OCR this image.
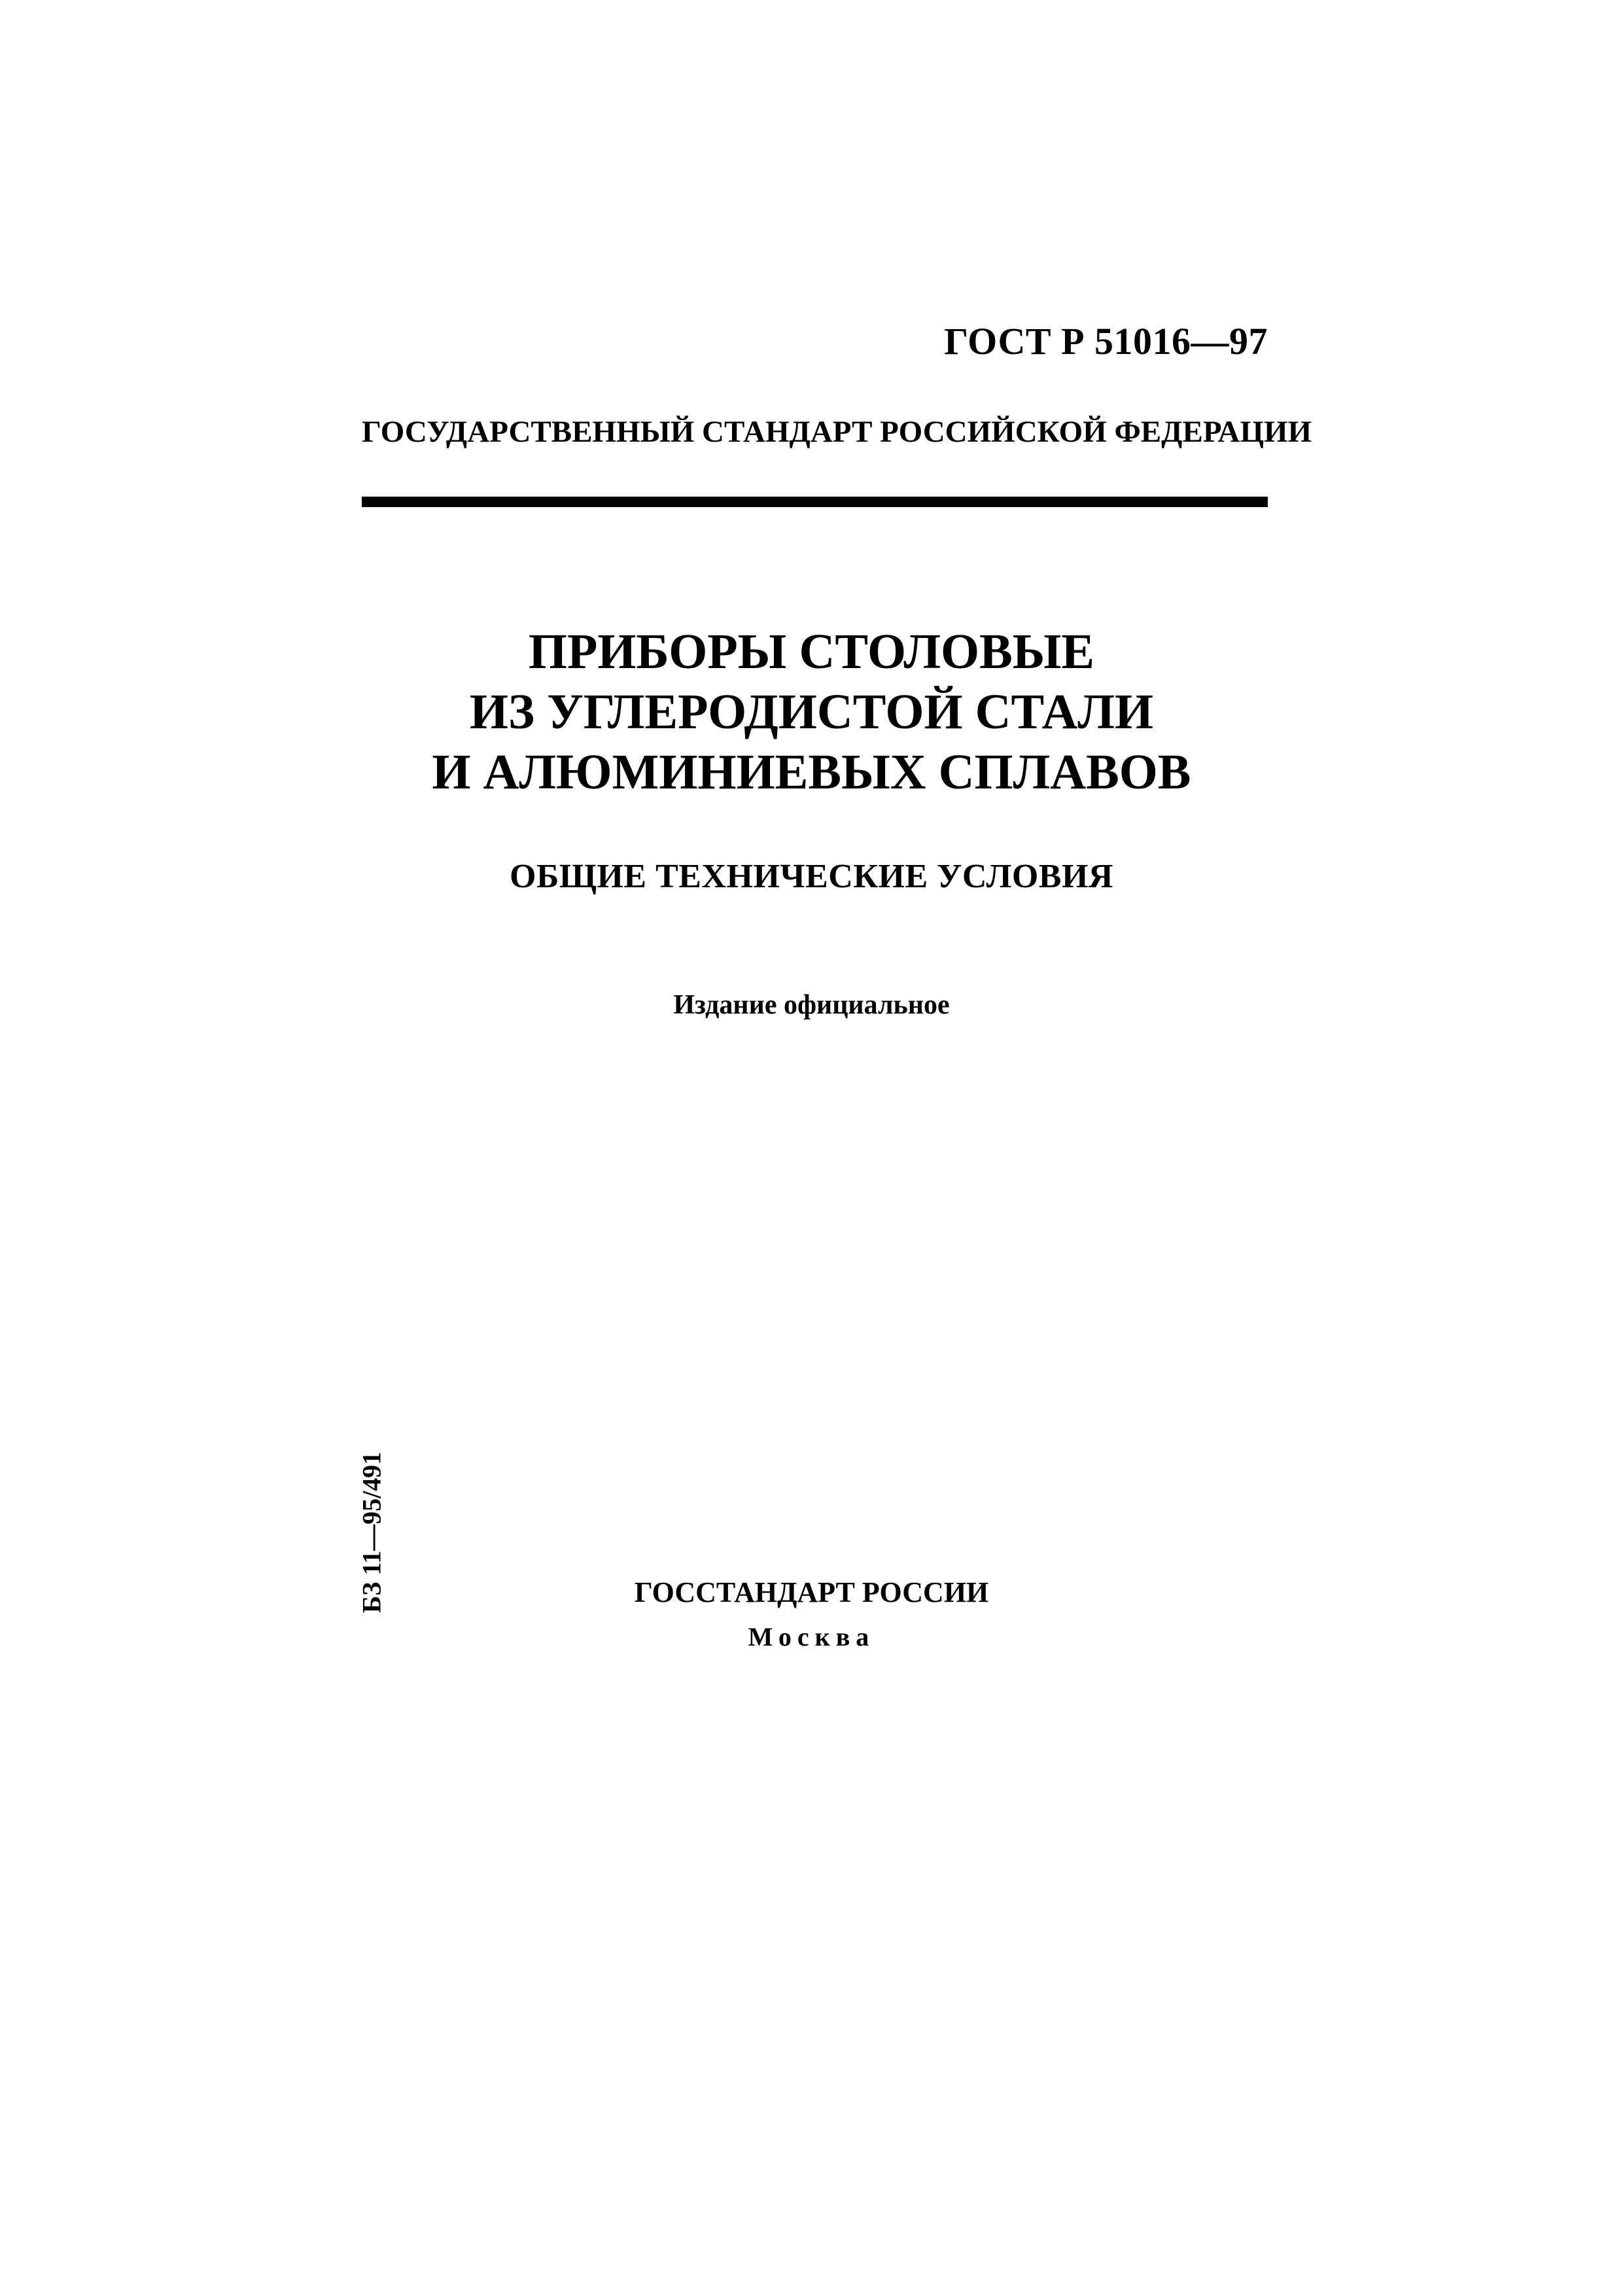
ГОСТ Р 51016—97
ГОСУДАРСТВЕННЫЙ СТАНДАРТ РОССИЙСКОЙ ФЕДЕРАЦИИ
ПРИБОРЫ СТОЛОВЫЕ
ИЗ УГЛЕРОДИСТОЙ СТАЛИ
И АЛЮМИНИЕВЫХ СПЛАВОВ
ОБЩИЕ ТЕХНИЧЕСКИЕ УСЛОВИЯ
Издание официальное
БЗ 11—95/491	ГОССТАНДАРТ РОССИИ
Москва
